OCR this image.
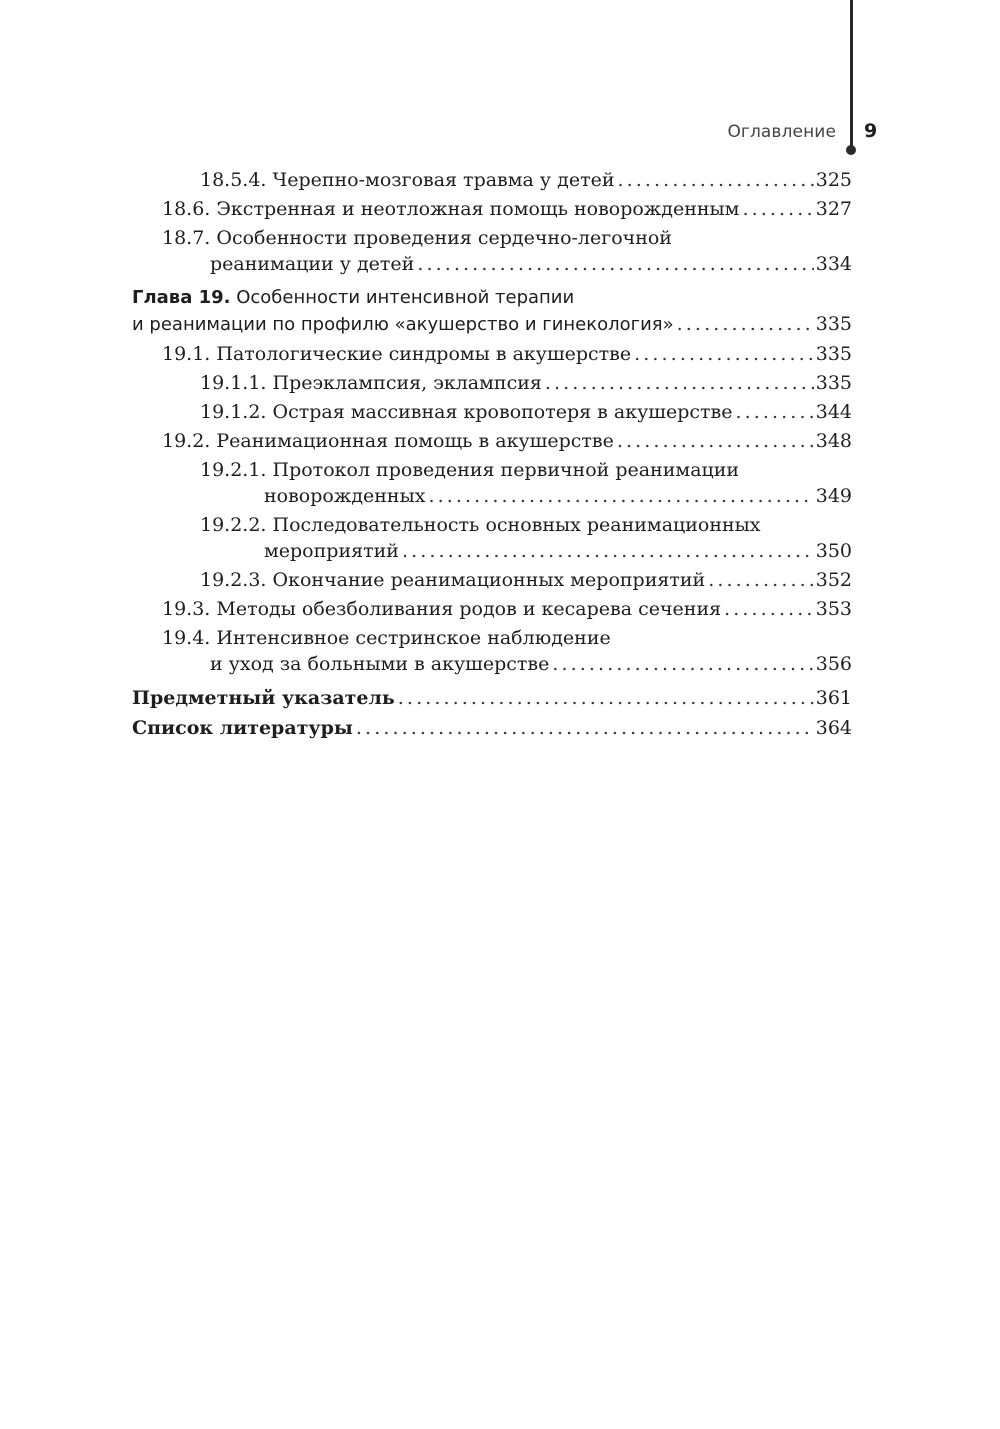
Оглавление 9
18.5.4. Черепно-мозговая травма у детей .....	325
18.6. Экстренная и неотложная помощь новорожденным .....	327
18.7. Особенности проведения сердечно-легочной
реанимации у детей .....	334
Глава 19. Особенности интенсивной терапии
и реанимации по профилю «акушерство и гинекология» .....	335
19.1. Патологические синдромы в акушерстве .....	335
19.1.1. Преэклампсия, эклампсия .....	335
19.1.2. Острая массивная кровопотеря в акушерстве .....	344
19.2. Реанимационная помощь в акушерстве .....	348
19.2.1. Протокол проведения первичной реанимации
новорожденных .....	349
19.2.2. Последовательность основных реанимационных
мероприятий .....	350
19.2.3. Окончание реанимационных мероприятий .....	352
19.3. Методы обезболивания родов и кесарева сечения .....	353
19.4. Интенсивное сестринское наблюдение
и уход за больными в акушерстве .....	356
Предметный указатель .....	361
Список литературы .....	364
